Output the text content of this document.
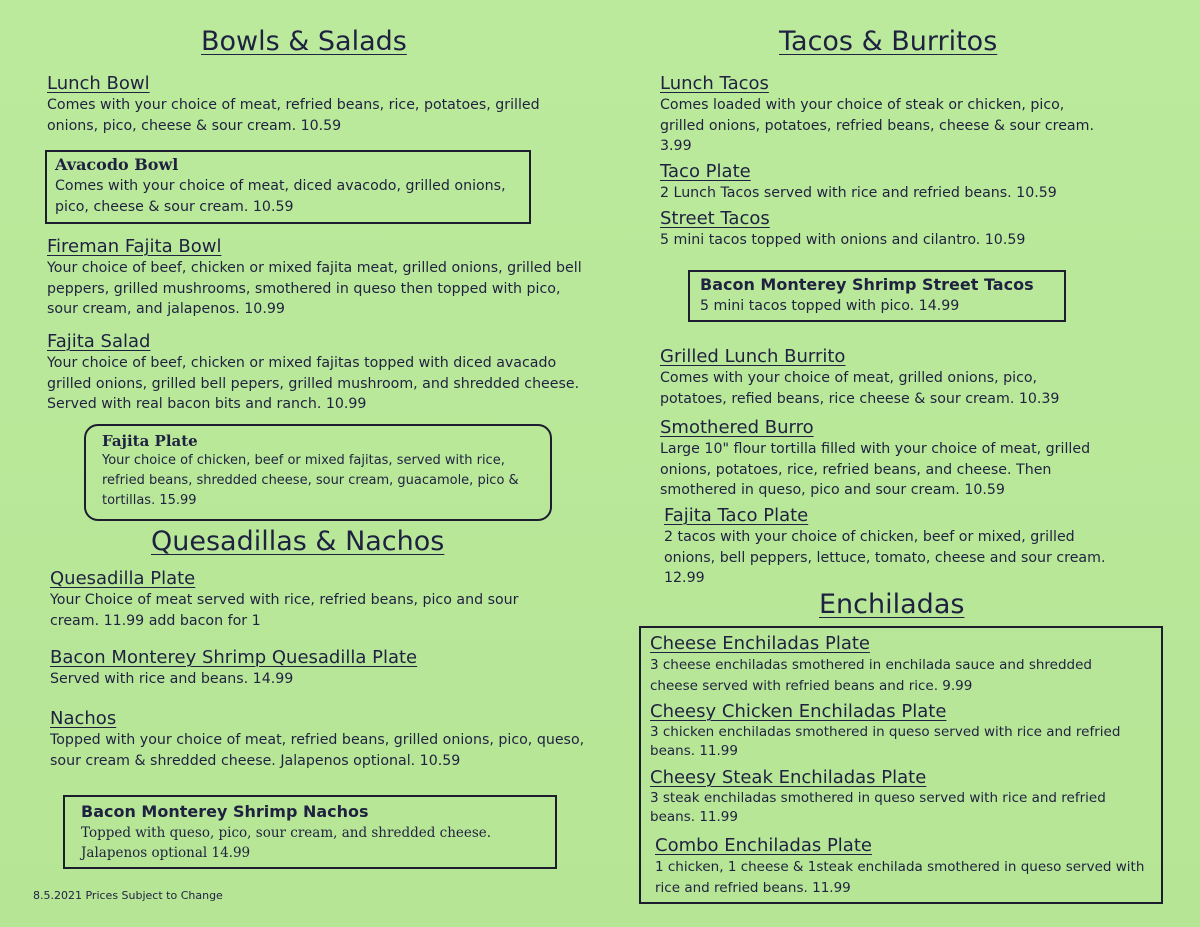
Bowls & Salads
Lunch Bowl
Comes with your choice of meat, refried beans, rice, potatoes, grilled onions, pico, cheese & sour cream. 10.59
Avacodo Bowl
Comes with your choice of meat, diced avacodo, grilled onions, pico, cheese & sour cream. 10.59
Fireman Fajita Bowl
Your choice of beef, chicken or mixed fajita meat, grilled onions, grilled bell peppers, grilled mushrooms, smothered in queso then topped with pico, sour cream, and jalapenos. 10.99
Fajita Salad
Your choice of beef, chicken or mixed fajitas topped with diced avacado grilled onions, grilled bell pepers, grilled mushroom, and shredded cheese. Served with real bacon bits and ranch. 10.99
Fajita Plate
Your choice of chicken, beef or mixed fajitas, served with rice, refried beans, shredded cheese, sour cream, guacamole, pico & tortillas. 15.99
Quesadillas & Nachos
Quesadilla Plate
Your Choice of meat served with rice, refried beans, pico and sour cream. 11.99 add bacon for 1
Bacon Monterey Shrimp Quesadilla Plate
Served with rice and beans. 14.99
Nachos
Topped with your choice of meat, refried beans, grilled onions, pico, queso, sour cream & shredded cheese. Jalapenos optional. 10.59
Bacon Monterey Shrimp Nachos
Topped with queso, pico, sour cream, and shredded cheese. Jalapenos optional 14.99
8.5.2021 Prices Subject to Change
Tacos & Burritos
Lunch Tacos
Comes loaded with your choice of steak or chicken, pico, grilled onions, potatoes, refried beans, cheese & sour cream. 3.99
Taco Plate
2 Lunch Tacos served with rice and refried beans. 10.59
Street Tacos
5 mini tacos topped with onions and cilantro. 10.59
Bacon Monterey Shrimp Street Tacos
5 mini tacos topped with pico. 14.99
Grilled Lunch Burrito
Comes with your choice of meat, grilled onions, pico, potatoes, refied beans, rice cheese & sour cream. 10.39
Smothered Burro
Large 10" flour tortilla filled with your choice of meat, grilled onions, potatoes, rice, refried beans, and cheese. Then smothered in queso, pico and sour cream. 10.59
Fajita Taco Plate
2 tacos with your choice of chicken, beef or mixed, grilled onions, bell peppers, lettuce, tomato, cheese and sour cream. 12.99
Enchiladas
Cheese Enchiladas Plate
3 cheese enchiladas smothered in enchilada sauce and shredded cheese served with refried beans and rice. 9.99
Cheesy Chicken Enchiladas Plate
3 chicken enchiladas smothered in queso served with rice and refried beans. 11.99
Cheesy Steak Enchiladas Plate
3 steak enchiladas smothered in queso served with rice and refried beans. 11.99
Combo Enchiladas Plate
1 chicken, 1 cheese & 1steak enchilada smothered in queso served with rice and refried beans. 11.99
